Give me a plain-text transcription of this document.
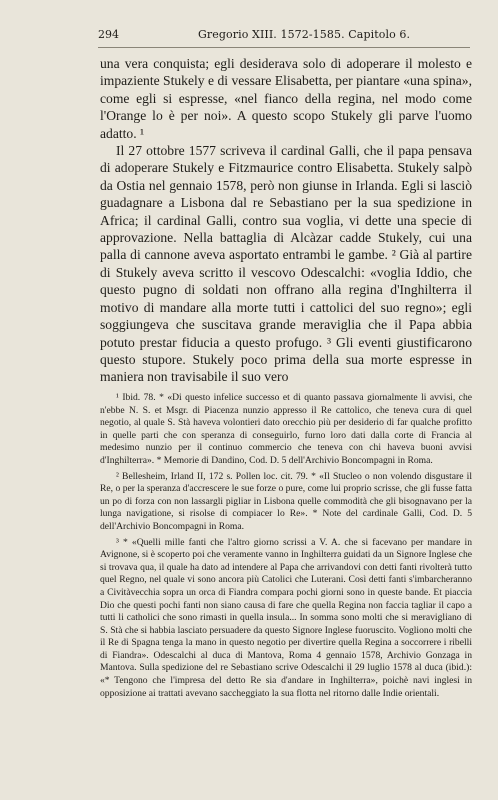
294	Gregorio XIII. 1572-1585. Capitolo 6.

una vera conquista; egli desiderava solo di adoperare il molesto e impaziente Stukely e di vessare Elisabetta, per piantare «una spina», come egli si espresse, «nel fianco della regina, nel modo come l'Orange lo è per noi». A questo scopo Stukely gli parve l'uomo adatto. ¹

Il 27 ottobre 1577 scriveva il cardinal Galli, che il papa pensava di adoperare Stukely e Fitzmaurice contro Elisabetta. Stukely salpò da Ostia nel gennaio 1578, però non giunse in Irlanda. Egli si lasciò guadagnare a Lisbona dal re Sebastiano per la sua spedizione in Africa; il cardinal Galli, contro sua voglia, vi dette una specie di approvazione. Nella battaglia di Alcàzar cadde Stukely, cui una palla di cannone aveva asportato entrambi le gambe. ² Già al partire di Stukely aveva scritto il vescovo Odescalchi: «voglia Iddio, che questo pugno di soldati non offrano alla regina d'Inghilterra il motivo di mandare alla morte tutti i cattolici del suo regno»; egli soggiungeva che suscitava grande meraviglia che il Papa abbia potuto prestar fiducia a questo profugo. ³ Gli eventi giustificarono questo stupore. Stukely poco prima della sua morte espresse in maniera non travisabile il suo vero

¹ Ibid. 78. * «Di questo infelice successo et di quanto passava giornalmente li avvisi, che n'ebbe N. S. et Msgr. di Piacenza nunzio appresso il Re cattolico, che teneva cura di quel negotio, al quale S. Stà haveva volontieri dato orecchio più per desiderio di far qualche profitto in quelle parti che con speranza di conseguirlo, furno loro dati dalla corte di Francia al medesimo nunzio per il continuo commercio che teneva con chi haveva buoni avvisi d'Inghilterra». * Memorie di Dandino, Cod. D. 5 dell'Archivio Boncompagni in Roma.

² Bellesheim, Irland II, 172 s. Pollen loc. cit. 79. * «Il Stucleo o non volendo disgustare il Re, o per la speranza d'accrescere le sue forze o pure, come lui proprio scrisse, che gli fusse fatta un po di forza con non lassargli pigliar in Lisbona quelle commodità che gli bisognavano per la lunga navigatione, si risolse di compiacer lo Re». * Note del cardinale Galli, Cod. D. 5 dell'Archivio Boncompagni in Roma.

³ * «Quelli mille fanti che l'altro giorno scrissi a V. A. che si facevano per mandare in Avignone, si è scoperto poi che veramente vanno in Inghilterra guidati da un Signore Inglese che si trovava qua, il quale ha dato ad intendere al Papa che arrivandovi con detti fanti rivolterà tutto quel Regno, nel quale vi sono ancora più Catolici che Luterani. Così detti fanti s'imbarcheranno a Civitàvecchia sopra un orca di Fiandra compara pochi giorni sono in queste bande. Et piaccia Dio che questi pochi fanti non siano causa di fare che quella Regina non faccia tagliar il capo a tutti li catholici che sono rimasti in quella insula... In somma sono molti che si meravigliano di S. Stà che si habbia lasciato persuadere da questo Signore Inglese fuoruscito. Vogliono molti che il Re di Spagna tenga la mano in questo negotio per divertire quella Regina a soccorrere i ribelli di Fiandra». Odescalchi al duca di Mantova, Roma 4 gennaio 1578, Archivio Gonzaga in Mantova. Sulla spedizione del re Sebastiano scrive Odescalchi il 29 luglio 1578 al duca (ibid.): «* Tengono che l'impresa del detto Re sia d'andare in Inghilterra», poichè navi inglesi in opposizione ai trattati avevano saccheggiato la sua flotta nel ritorno dalle Indie orientali.
